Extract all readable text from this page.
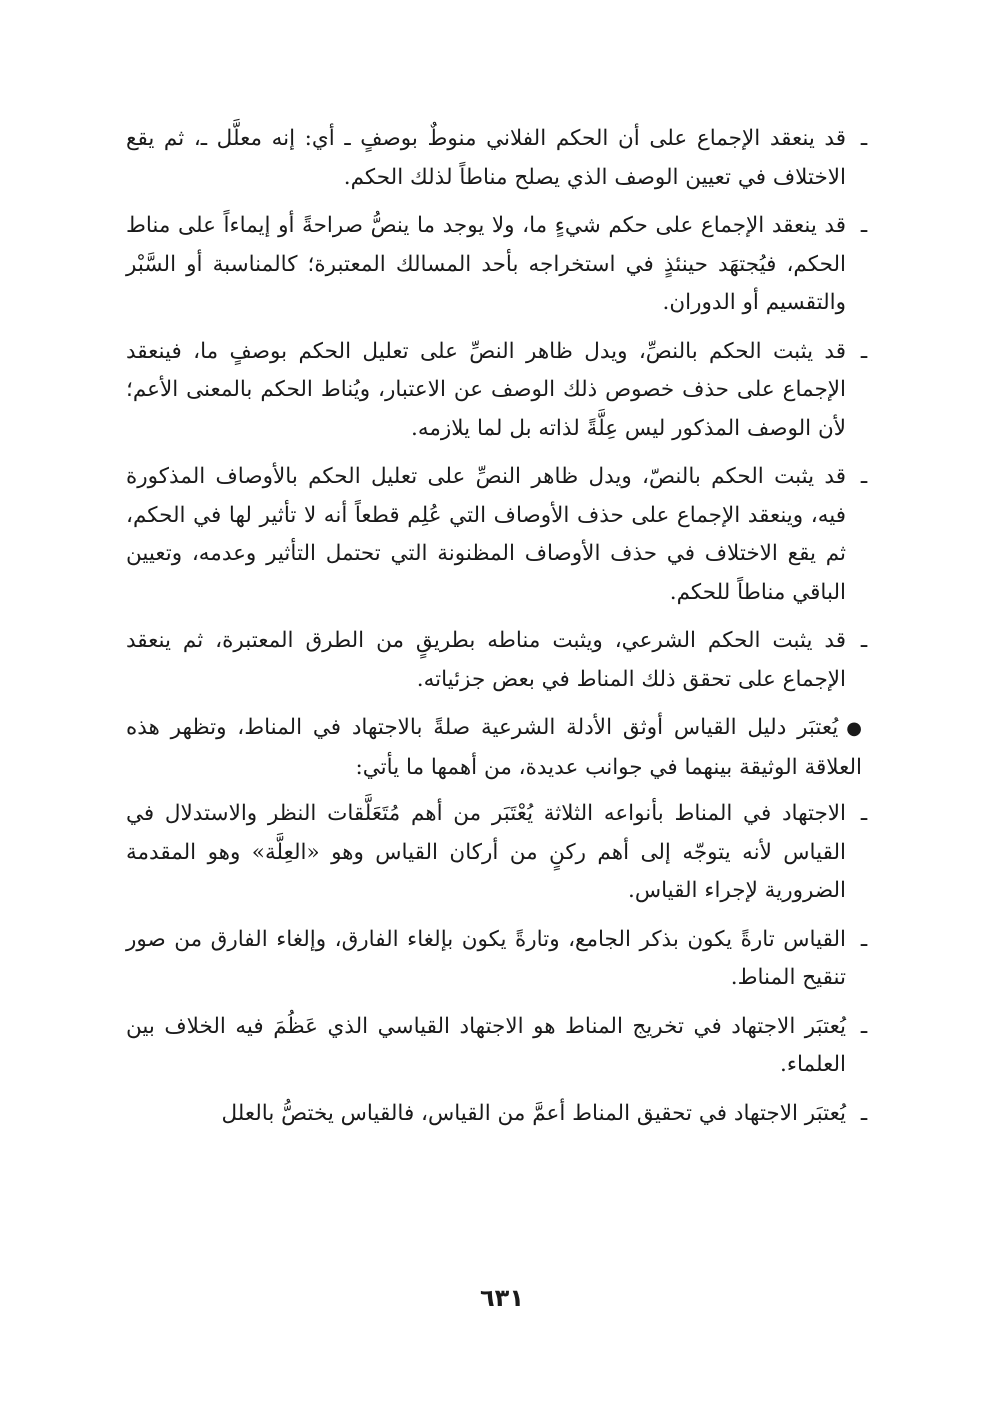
ـ
قد ينعقد الإجماع على أن الحكم الفلاني منوطٌ بوصفٍ ـ أي: إنه معلَّل ـ، ثم يقع الاختلاف في تعيين الوصف الذي يصلح مناطاً لذلك الحكم.
ـ
قد ينعقد الإجماع على حكم شيءٍ ما، ولا يوجد ما ينصُّ صراحةً أو إيماءاً على مناط الحكم، فيُجتهَد حينئذٍ في استخراجه بأحد المسالك المعتبرة؛ كالمناسبة أو السَّبْر والتقسيم أو الدوران.
ـ
قد يثبت الحكم بالنصِّ، ويدل ظاهر النصِّ على تعليل الحكم بوصفٍ ما، فينعقد الإجماع على حذف خصوص ذلك الوصف عن الاعتبار، ويُناط الحكم بالمعنى الأعم؛ لأن الوصف المذكور ليس عِلَّةً لذاته بل لما يلازمه.
ـ
قد يثبت الحكم بالنصّ، ويدل ظاهر النصِّ على تعليل الحكم بالأوصاف المذكورة فيه، وينعقد الإجماع على حذف الأوصاف التي عُلِم قطعاً أنه لا تأثير لها في الحكم، ثم يقع الاختلاف في حذف الأوصاف المظنونة التي تحتمل التأثير وعدمه، وتعيين الباقي مناطاً للحكم.
ـ
قد يثبت الحكم الشرعي، ويثبت مناطه بطريقٍ من الطرق المعتبرة، ثم ينعقد الإجماع على تحقق ذلك المناط في بعض جزئياته.
●يُعتبَر دليل القياس أوثق الأدلة الشرعية صلةً بالاجتهاد في المناط، وتظهر هذه العلاقة الوثيقة بينهما في جوانب عديدة، من أهمها ما يأتي:
ـ
الاجتهاد في المناط بأنواعه الثلاثة يُعْتَبَر من أهم مُتَعَلَّقات النظر والاستدلال في القياس لأنه يتوجّه إلى أهم ركنٍ من أركان القياس وهو «العِلَّة» وهو المقدمة الضرورية لإجراء القياس.
ـ
القياس تارةً يكون بذكر الجامع، وتارةً يكون بإلغاء الفارق، وإلغاء الفارق من صور تنقيح المناط.
ـ
يُعتبَر الاجتهاد في تخريج المناط هو الاجتهاد القياسي الذي عَظُمَ فيه الخلاف بين العلماء.
ـ
يُعتبَر الاجتهاد في تحقيق المناط أعمَّ من القياس، فالقياس يختصُّ بالعلل
٦٣١
